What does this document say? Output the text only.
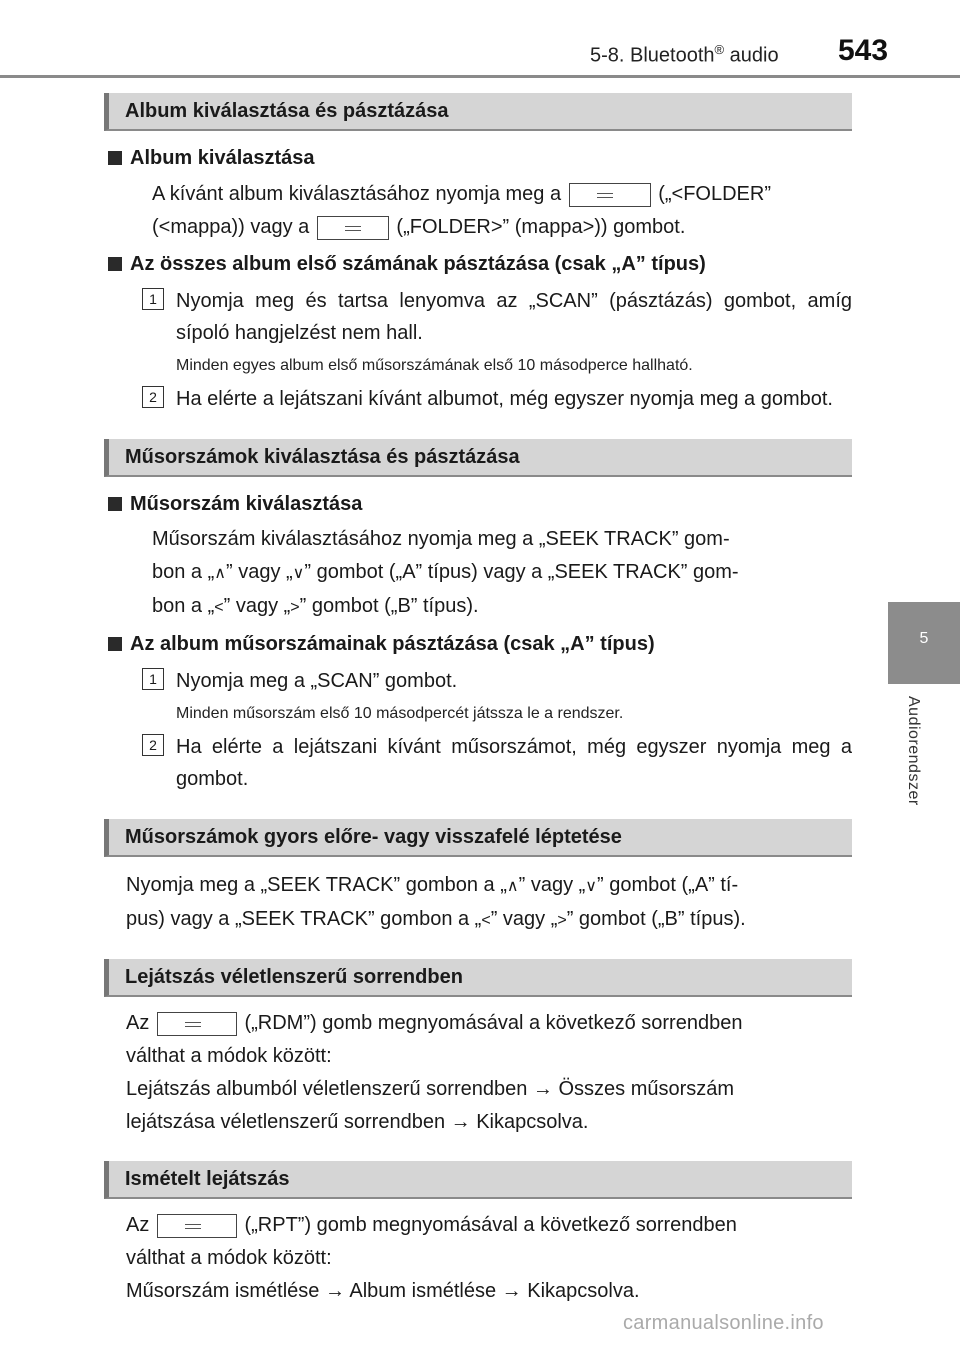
5-8. Bluetooth® audio 543
5
Audiorendszer
Album kiválasztása és pásztázása
Album kiválasztása
A kívánt album kiválasztásához nyomja meg a	(„<FOLDER”
(<mappa)) vagy a	(„FOLDER>” (mappa>)) gombot.
Az összes album első számának pásztázása (csak „A” típus)
1 Nyomja meg és tartsa lenyomva az „SCAN” (pásztázás) gombot, amíg sípoló hangjelzést nem hall.
Minden egyes album első műsorszámának első 10 másodperce hallható.
2 Ha elérte a lejátszani kívánt albumot, még egyszer nyomja meg a gombot.
Műsorszámok kiválasztása és pásztázása
Műsorszám kiválasztása
Műsorszám kiválasztásához nyomja meg a „SEEK TRACK” gom-
bon a „∧” vagy „∨” gombot („A” típus) vagy a „SEEK TRACK” gom-
bon a „<” vagy „>” gombot („B” típus).
Az album műsorszámainak pásztázása (csak „A” típus)
1 Nyomja meg a „SCAN” gombot.
Minden műsorszám első 10 másodpercét játssza le a rendszer.
2 Ha elérte a lejátszani kívánt műsorszámot, még egyszer nyomja meg a gombot.
Műsorszámok gyors előre- vagy visszafelé léptetése
Nyomja meg a „SEEK TRACK” gombon a „∧” vagy „∨” gombot („A” tí-
pus) vagy a „SEEK TRACK” gombon a „<” vagy „>” gombot („B” típus).
Lejátszás véletlenszerű sorrendben
Az	(„RDM”) gomb megnyomásával a következő sorrendben
válthat a módok között:
Lejátszás albumból véletlenszerű sorrendben → Összes műsorszám
lejátszása véletlenszerű sorrendben → Kikapcsolva.
Ismételt lejátszás
Az	(„RPT”) gomb megnyomásával a következő sorrendben
válthat a módok között:
Műsorszám ismétlése → Album ismétlése → Kikapcsolva.
carmanualsonline.info
